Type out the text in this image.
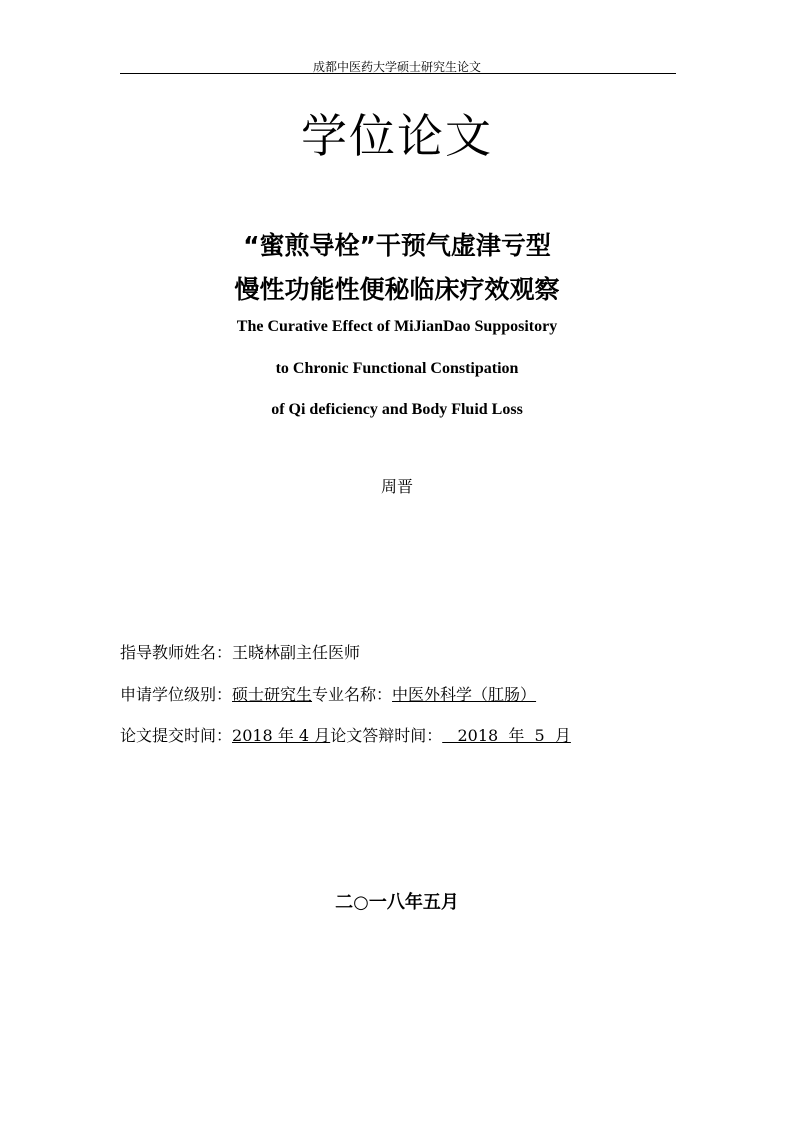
成都中医药大学硕士研究生论文
学位论文
“蜜煎导栓”干预气虚津亏型
慢性功能性便秘临床疗效观察
The Curative Effect of MiJianDao Suppository
to Chronic Functional Constipation
of Qi deficiency and Body Fluid Loss
周晋
指导教师姓名：王晓林副主任医师
申请学位级别：硕士研究生专业名称：中医外科学（肛肠）
论文提交时间：2018 年 4 月论文答辩时间：   2018  年  5  月
二○一八年五月
